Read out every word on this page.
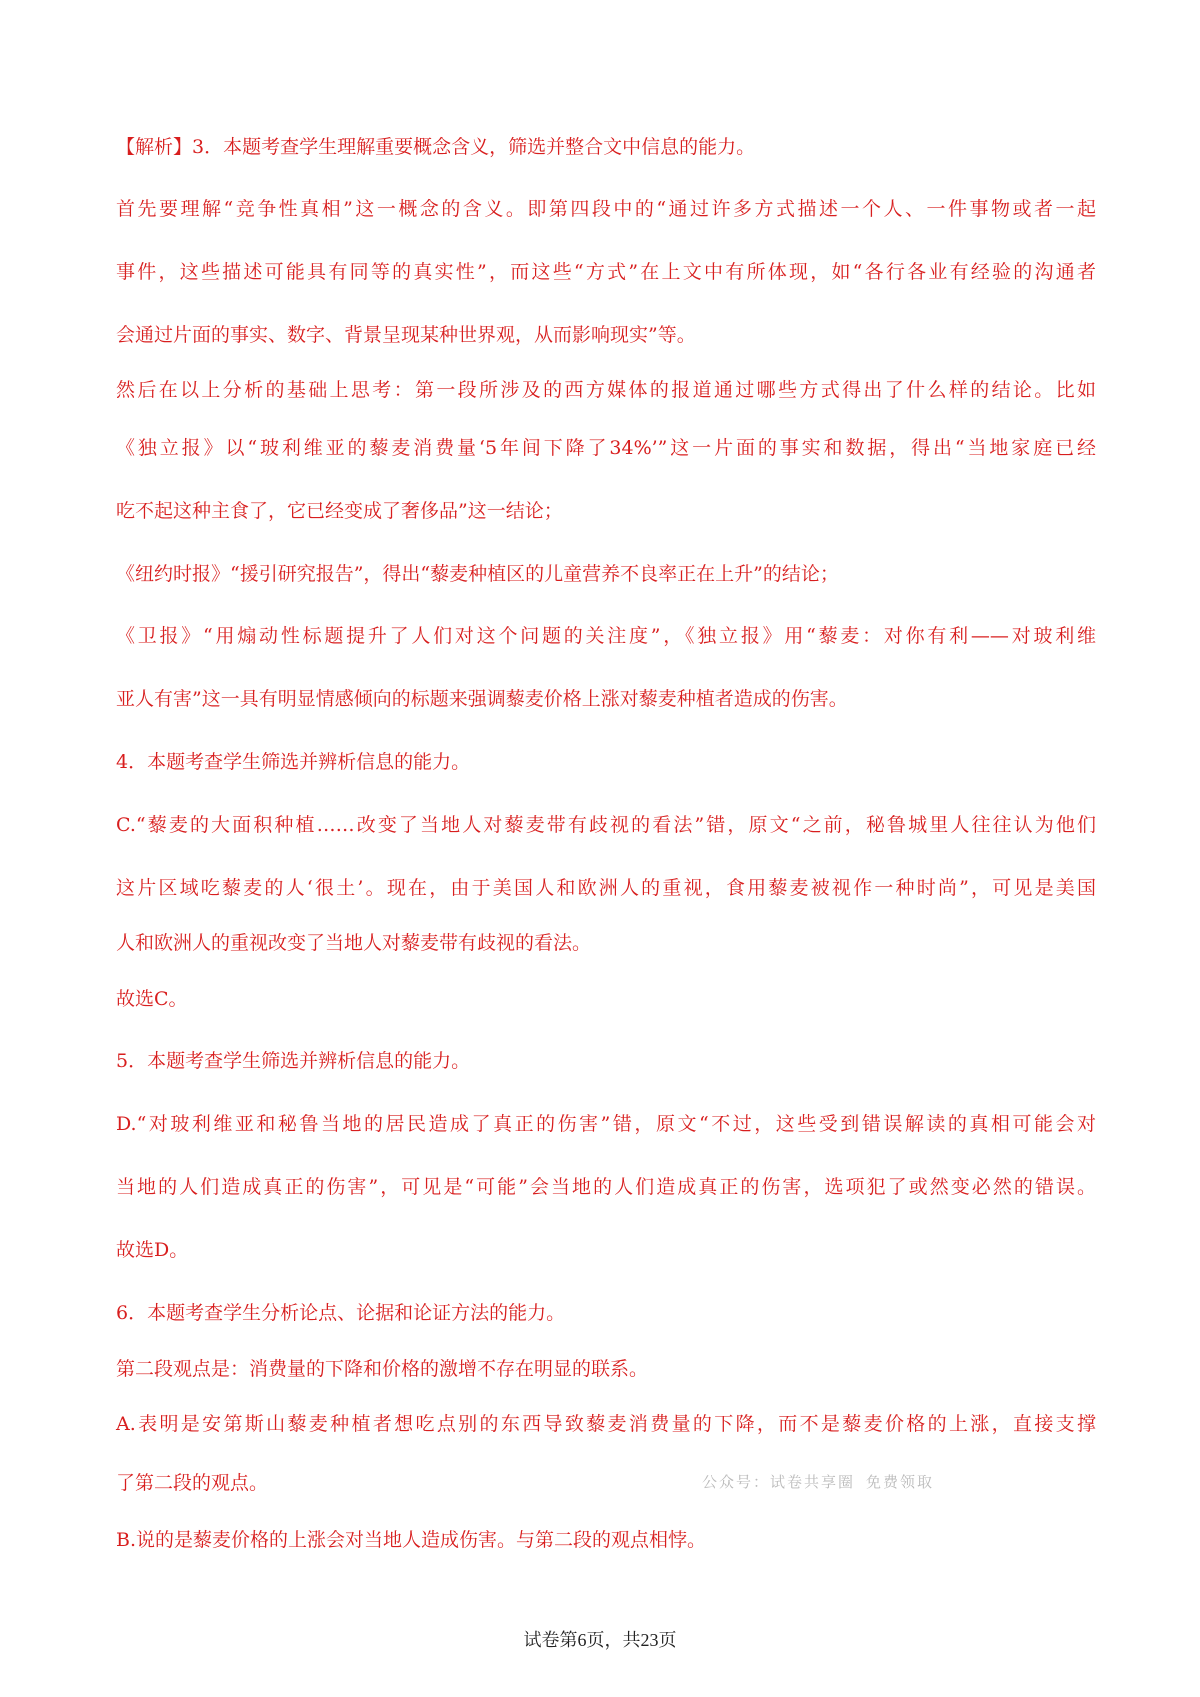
【解析】3．本题考查学生理解重要概念含义，筛选并整合文中信息的能力。
首先要理解“竞争性真相”这一概念的含义。即第四段中的“通过许多方式描述一个人、一件事物或者一起
事件，这些描述可能具有同等的真实性”，而这些“方式”在上文中有所体现，如“各行各业有经验的沟通者
会通过片面的事实、数字、背景呈现某种世界观，从而影响现实”等。
然后在以上分析的基础上思考：第一段所涉及的西方媒体的报道通过哪些方式得出了什么样的结论。比如
《独立报》以“玻利维亚的藜麦消费量‘5年间下降了34%’”这一片面的事实和数据，得出“当地家庭已经
吃不起这种主食了，它已经变成了奢侈品”这一结论；
《纽约时报》“援引研究报告”，得出“藜麦种植区的儿童营养不良率正在上升”的结论；
《卫报》“用煽动性标题提升了人们对这个问题的关注度”，《独立报》用“藜麦：对你有利——对玻利维
亚人有害”这一具有明显情感倾向的标题来强调藜麦价格上涨对藜麦种植者造成的伤害。
4．本题考查学生筛选并辨析信息的能力。
C.“藜麦的大面积种植……改变了当地人对藜麦带有歧视的看法”错，原文“之前，秘鲁城里人往往认为他们
这片区域吃藜麦的人‘很土’。现在，由于美国人和欧洲人的重视，食用藜麦被视作一种时尚”，可见是美国
人和欧洲人的重视改变了当地人对藜麦带有歧视的看法。
故选C。
5．本题考查学生筛选并辨析信息的能力。
D.“对玻利维亚和秘鲁当地的居民造成了真正的伤害”错，原文“不过，这些受到错误解读的真相可能会对
当地的人们造成真正的伤害”，可见是“可能”会当地的人们造成真正的伤害，选项犯了或然变必然的错误。
故选D。
6．本题考查学生分析论点、论据和论证方法的能力。
第二段观点是：消费量的下降和价格的激增不存在明显的联系。
A.表明是安第斯山藜麦种植者想吃点别的东西导致藜麦消费量的下降，而不是藜麦价格的上涨，直接支撑
了第二段的观点。
B.说的是藜麦价格的上涨会对当地人造成伤害。与第二段的观点相悖。
公众号：试卷共享圈 免费领取
试卷第6页，共23页
